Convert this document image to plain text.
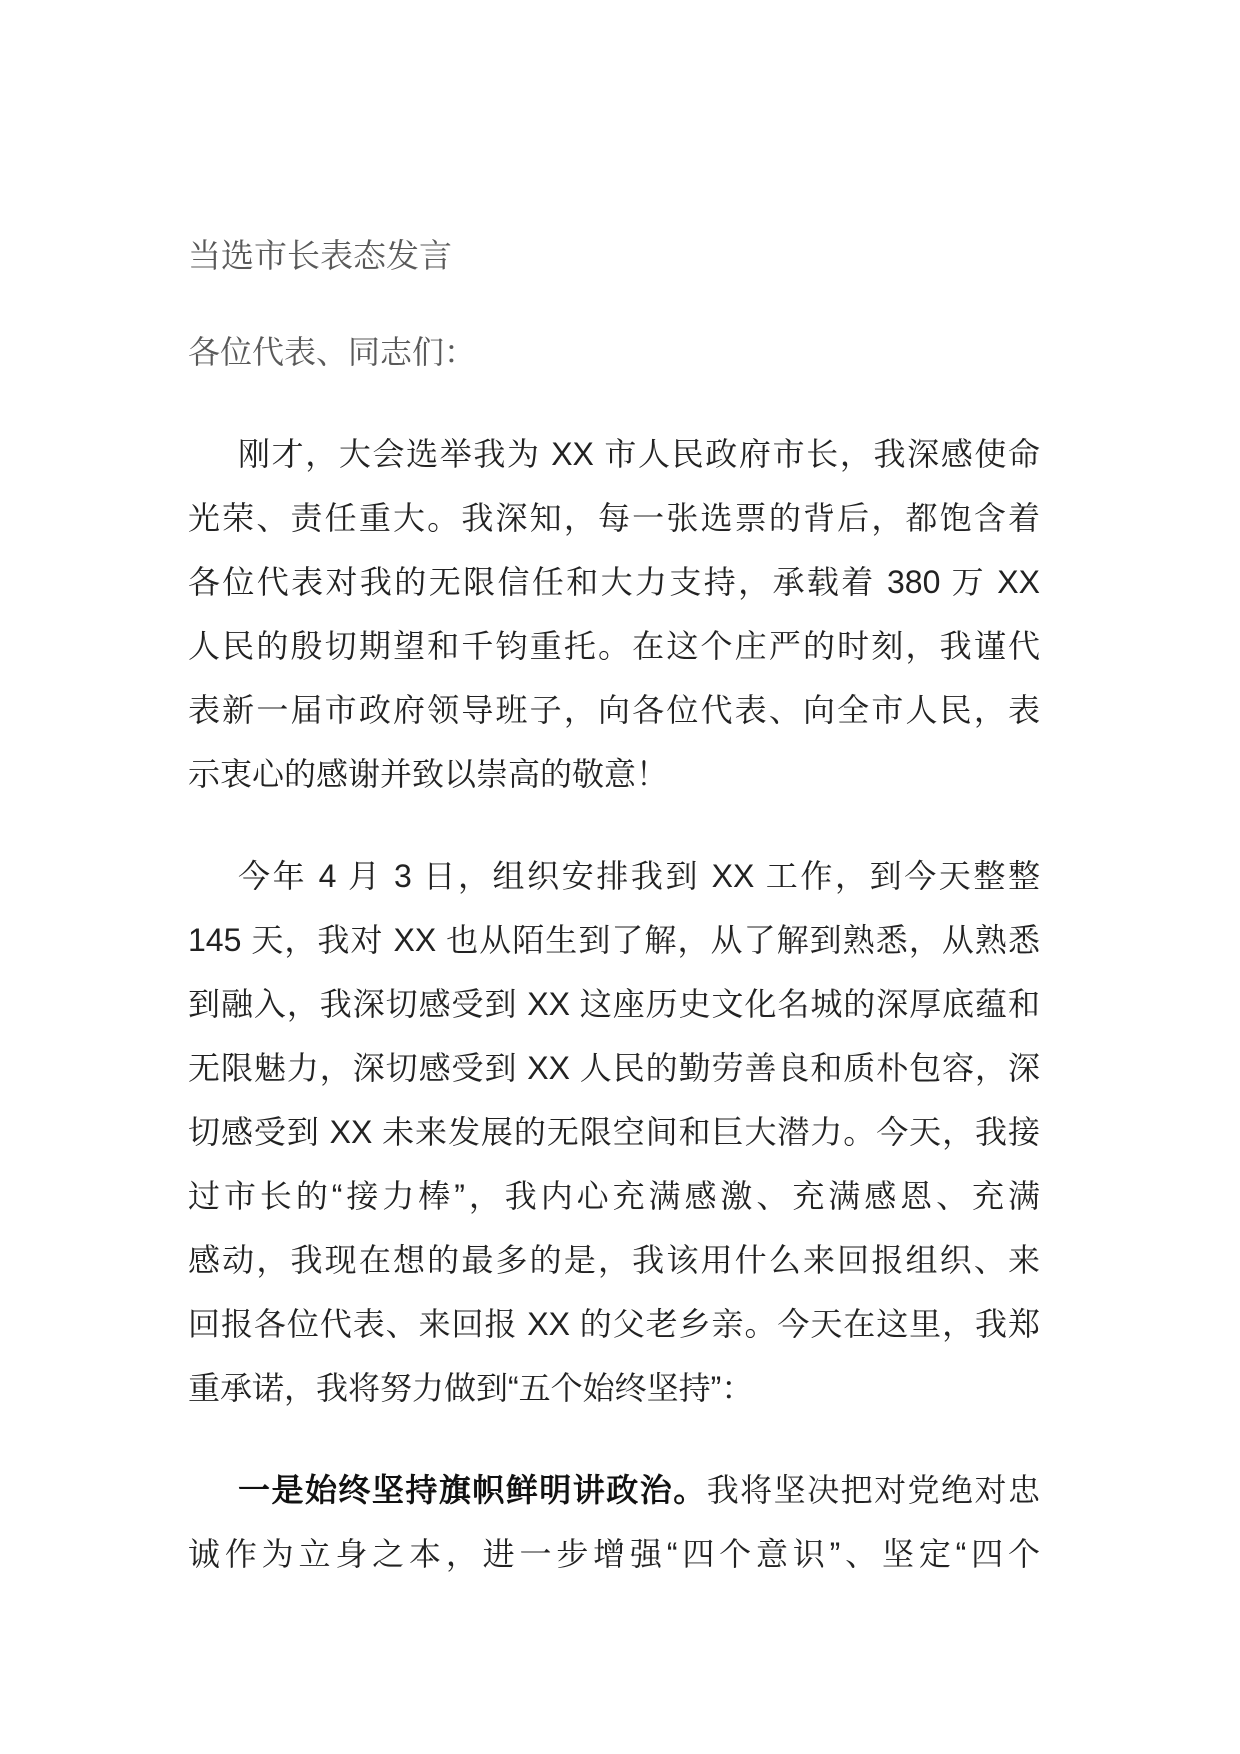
当选市长表态发言
各位代表、同志们：
刚才，大会选举我为 XX 市人民政府市长，我深感使命
光荣、责任重大。我深知，每一张选票的背后，都饱含着
各位代表对我的无限信任和大力支持，承载着 380 万 XX
人民的殷切期望和千钧重托。在这个庄严的时刻，我谨代
表新一届市政府领导班子，向各位代表、向全市人民，表
示衷心的感谢并致以崇高的敬意！
今年 4 月 3 日，组织安排我到 XX 工作，到今天整整
145 天，我对 XX 也从陌生到了解，从了解到熟悉，从熟悉
到融入，我深切感受到 XX 这座历史文化名城的深厚底蕴和
无限魅力，深切感受到 XX 人民的勤劳善良和质朴包容，深
切感受到 XX 未来发展的无限空间和巨大潜力。今天，我接
过市长的“接力棒”，我内心充满感激、充满感恩、充满
感动，我现在想的最多的是，我该用什么来回报组织、来
回报各位代表、来回报 XX 的父老乡亲。今天在这里，我郑
重承诺，我将努力做到“五个始终坚持”：
一是始终坚持旗帜鲜明讲政治。我将坚决把对党绝对忠
诚作为立身之本，进一步增强“四个意识”、坚定“四个
